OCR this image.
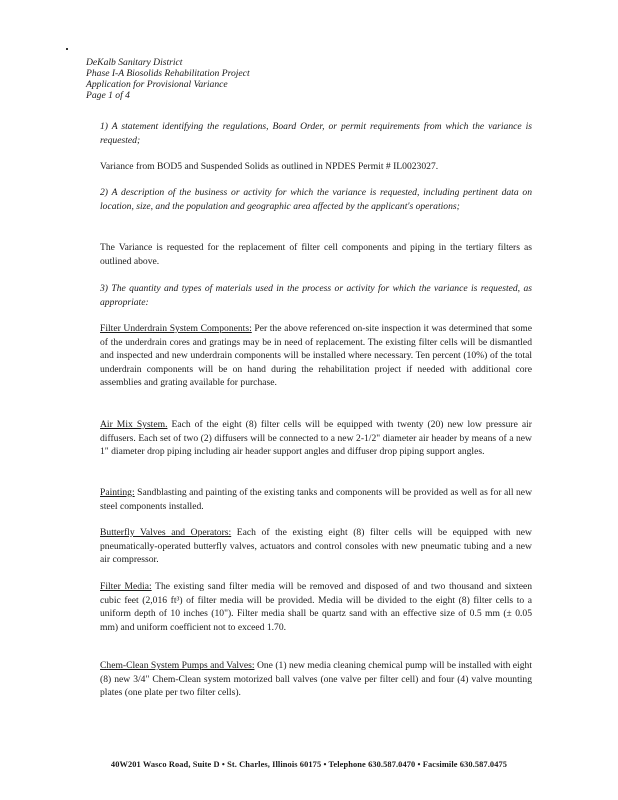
DeKalb Sanitary District
Phase I-A Biosolids Rehabilitation Project
Application for Provisional Variance
Page 1 of 4

1) A statement identifying the regulations, Board Order, or permit requirements from which the variance is requested;

Variance from BOD5 and Suspended Solids as outlined in NPDES Permit # IL0023027.

2) A description of the business or activity for which the variance is requested, including pertinent data on location, size, and the population and geographic area affected by the applicant's operations;

The Variance is requested for the replacement of filter cell components and piping in the tertiary filters as outlined above.

3) The quantity and types of materials used in the process or activity for which the variance is requested, as appropriate:

Filter Underdrain System Components: Per the above referenced on-site inspection it was determined that some of the underdrain cores and gratings may be in need of replacement. The existing filter cells will be dismantled and inspected and new underdrain components will be installed where necessary. Ten percent (10%) of the total underdrain components will be on hand during the rehabilitation project if needed with additional core assemblies and grating available for purchase.

Air Mix System. Each of the eight (8) filter cells will be equipped with twenty (20) new low pressure air diffusers. Each set of two (2) diffusers will be connected to a new 2-1/2" diameter air header by means of a new 1" diameter drop piping including air header support angles and diffuser drop piping support angles.

Painting: Sandblasting and painting of the existing tanks and components will be provided as well as for all new steel components installed.

Butterfly Valves and Operators: Each of the existing eight (8) filter cells will be equipped with new pneumatically-operated butterfly valves, actuators and control consoles with new pneumatic tubing and a new air compressor.

Filter Media: The existing sand filter media will be removed and disposed of and two thousand and sixteen cubic feet (2,016 ft³) of filter media will be provided. Media will be divided to the eight (8) filter cells to a uniform depth of 10 inches (10"). Filter media shall be quartz sand with an effective size of 0.5 mm (± 0.05 mm) and uniform coefficient not to exceed 1.70.

Chem-Clean System Pumps and Valves: One (1) new media cleaning chemical pump will be installed with eight (8) new 3/4" Chem-Clean system motorized ball valves (one valve per filter cell) and four (4) valve mounting plates (one plate per two filter cells).

40W201 Wasco Road, Suite D • St. Charles, Illinois 60175 • Telephone 630.587.0470 • Facsimile 630.587.0475
